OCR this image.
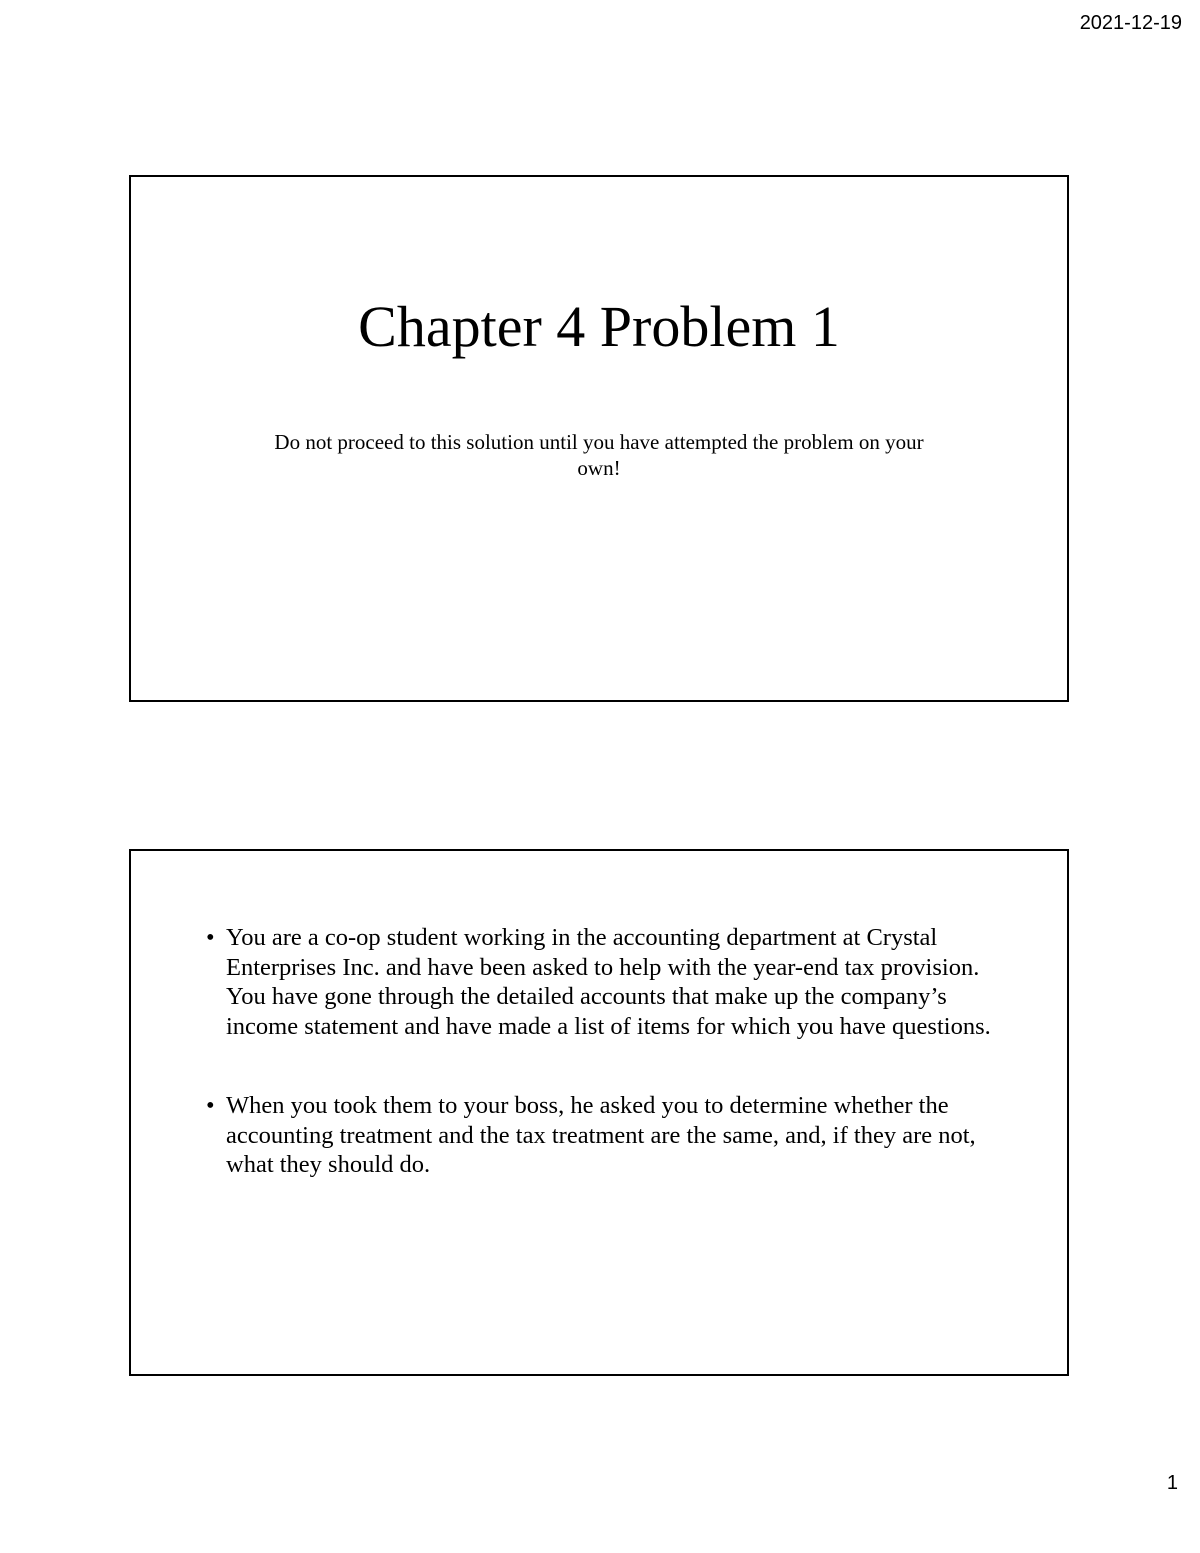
2021-12-19
Chapter 4 Problem 1
Do not proceed to this solution until you have attempted the problem on your own!
• You are a co-op student working in the accounting department at Crystal Enterprises Inc. and have been asked to help with the year-end tax provision. You have gone through the detailed accounts that make up the company’s income statement and have made a list of items for which you have questions.
• When you took them to your boss, he asked you to determine whether the accounting treatment and the tax treatment are the same, and, if they are not, what they should do.
1
